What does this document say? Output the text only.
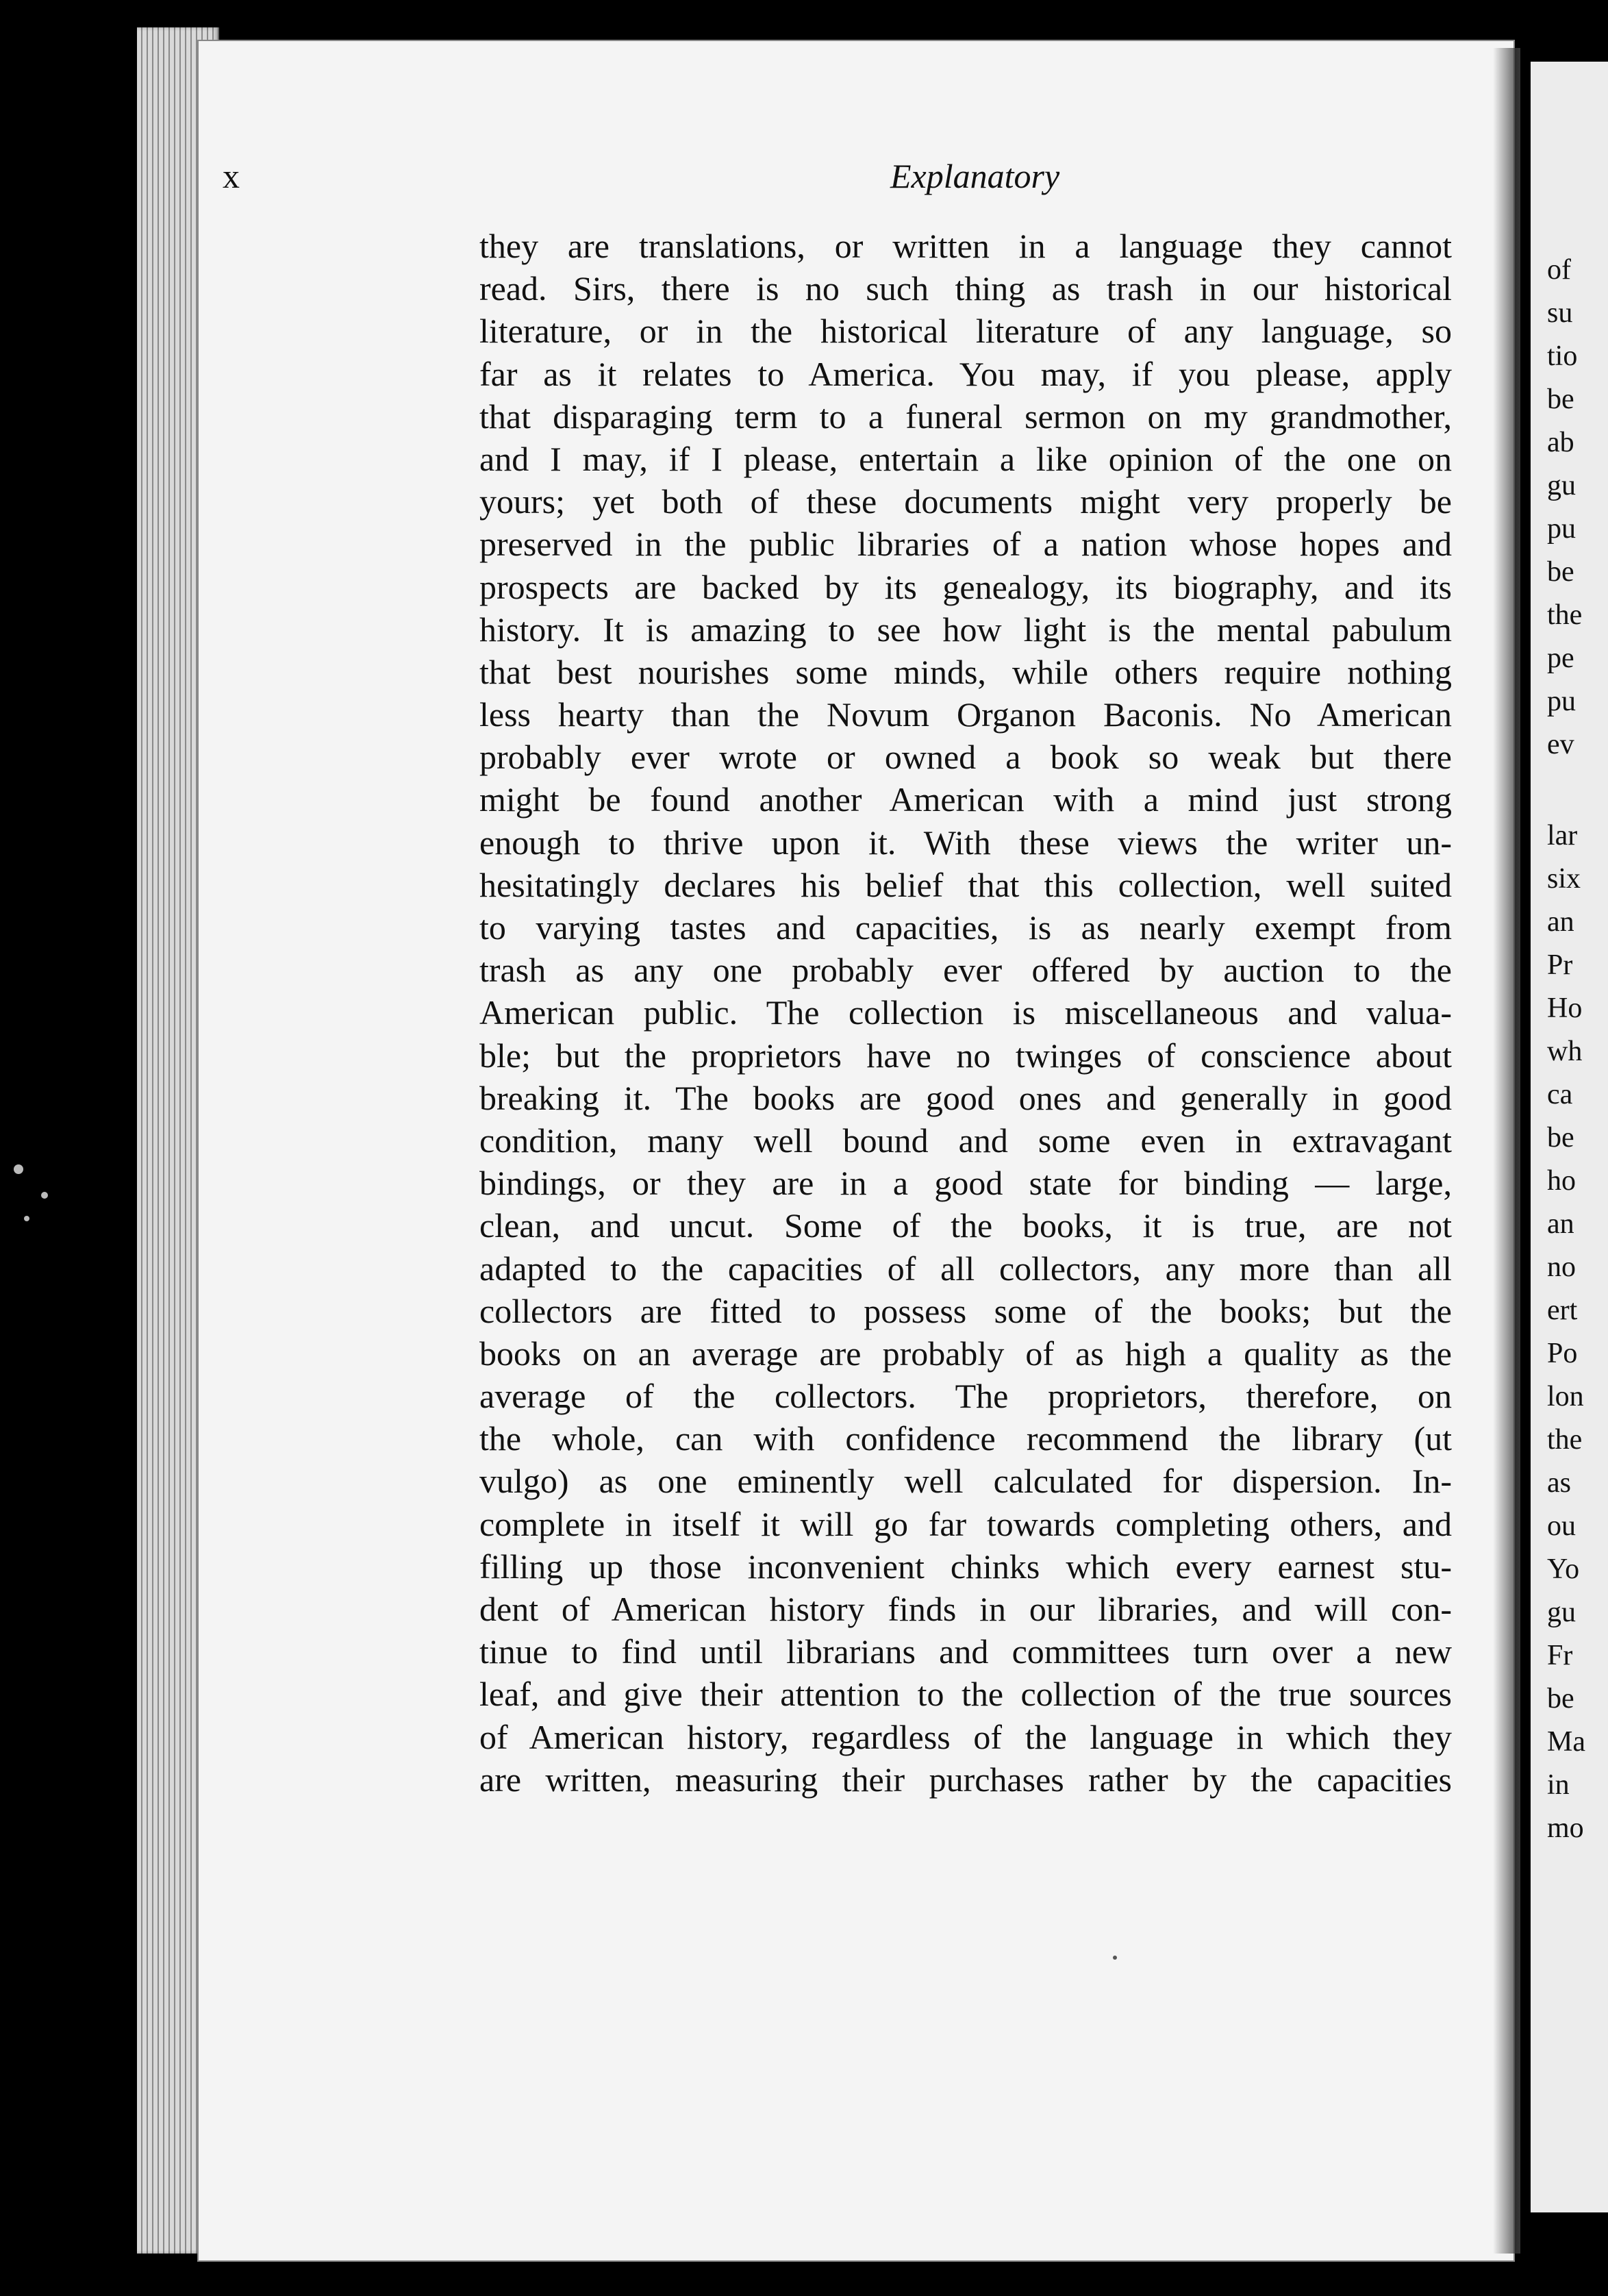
of
su
tio
be
ab
gu
pu
be
the
pe
pu
ev
lar
six
an
Pr
Ho
wh
ca
be
ho
an
no
ert
Po
lon
the
as
ou
Yo
gu
Fr
be
Ma
in
mo
x	Explanatory
they are translations, or written in a language they cannot
read. Sirs, there is no such thing as trash in our historical
literature, or in the historical literature of any language, so
far as it relates to America. You may, if you please, apply
that disparaging term to a funeral sermon on my grandmother,
and I may, if I please, entertain a like opinion of the one on
yours; yet both of these documents might very properly be
preserved in the public libraries of a nation whose hopes and
prospects are backed by its genealogy, its biography, and its
history. It is amazing to see how light is the mental pabulum
that best nourishes some minds, while others require nothing
less hearty than the Novum Organon Baconis. No American
probably ever wrote or owned a book so weak but there
might be found another American with a mind just strong
enough to thrive upon it. With these views the writer un-
hesitatingly declares his belief that this collection, well suited
to varying tastes and capacities, is as nearly exempt from
trash as any one probably ever offered by auction to the
American public. The collection is miscellaneous and valua-
ble; but the proprietors have no twinges of conscience about
breaking it. The books are good ones and generally in good
condition, many well bound and some even in extravagant
bindings, or they are in a good state for binding — large,
clean, and uncut. Some of the books, it is true, are not
adapted to the capacities of all collectors, any more than all
collectors are fitted to possess some of the books; but the
books on an average are probably of as high a quality as the
average of the collectors. The proprietors, therefore, on
the whole, can with confidence recommend the library (ut
vulgo) as one eminently well calculated for dispersion. In-
complete in itself it will go far towards completing others, and
filling up those inconvenient chinks which every earnest stu-
dent of American history finds in our libraries, and will con-
tinue to find until librarians and committees turn over a new
leaf, and give their attention to the collection of the true sources
of American history, regardless of the language in which they
are written, measuring their purchases rather by the capacities
